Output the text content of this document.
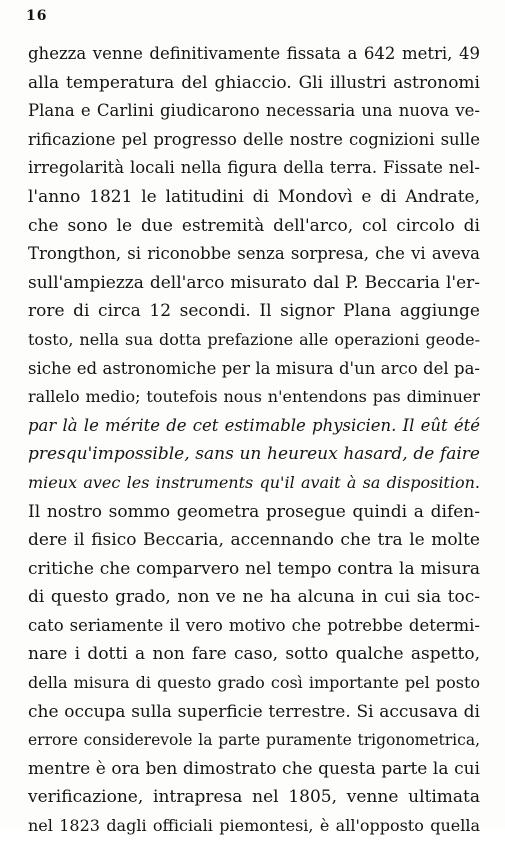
16
ghezza venne definitivamente fissata a 642 metri, 49
alla temperatura del ghiaccio. Gli illustri astronomi
Plana e Carlini giudicarono necessaria una nuova ve-
rificazione pel progresso delle nostre cognizioni sulle
irregolarità locali nella figura della terra. Fissate nel-
l'anno 1821 le latitudini di Mondovì e di Andrate,
che sono le due estremità dell'arco, col circolo di
Trongthon, si riconobbe senza sorpresa, che vi aveva
sull'ampiezza dell'arco misurato dal P. Beccaria l'er-
rore di circa 12 secondi. Il signor Plana aggiunge
tosto, nella sua dotta prefazione alle operazioni geode-
siche ed astronomiche per la misura d'un arco del pa-
rallelo medio; toutefois nous n'entendons pas diminuer
par là le mérite de cet estimable physicien. Il eût été
presqu'impossible, sans un heureux hasard, de faire
mieux avec les instruments qu'il avait à sa disposition.
Il nostro sommo geometra prosegue quindi a difen-
dere il fisico Beccaria, accennando che tra le molte
critiche che comparvero nel tempo contra la misura
di questo grado, non ve ne ha alcuna in cui sia toc-
cato seriamente il vero motivo che potrebbe determi-
nare i dotti a non fare caso, sotto qualche aspetto,
della misura di questo grado così importante pel posto
che occupa sulla superficie terrestre. Si accusava di
errore considerevole la parte puramente trigonometrica,
mentre è ora ben dimostrato che questa parte la cui
verificazione, intrapresa nel 1805, venne ultimata
nel 1823 dagli officiali piemontesi, è all'opposto quella
